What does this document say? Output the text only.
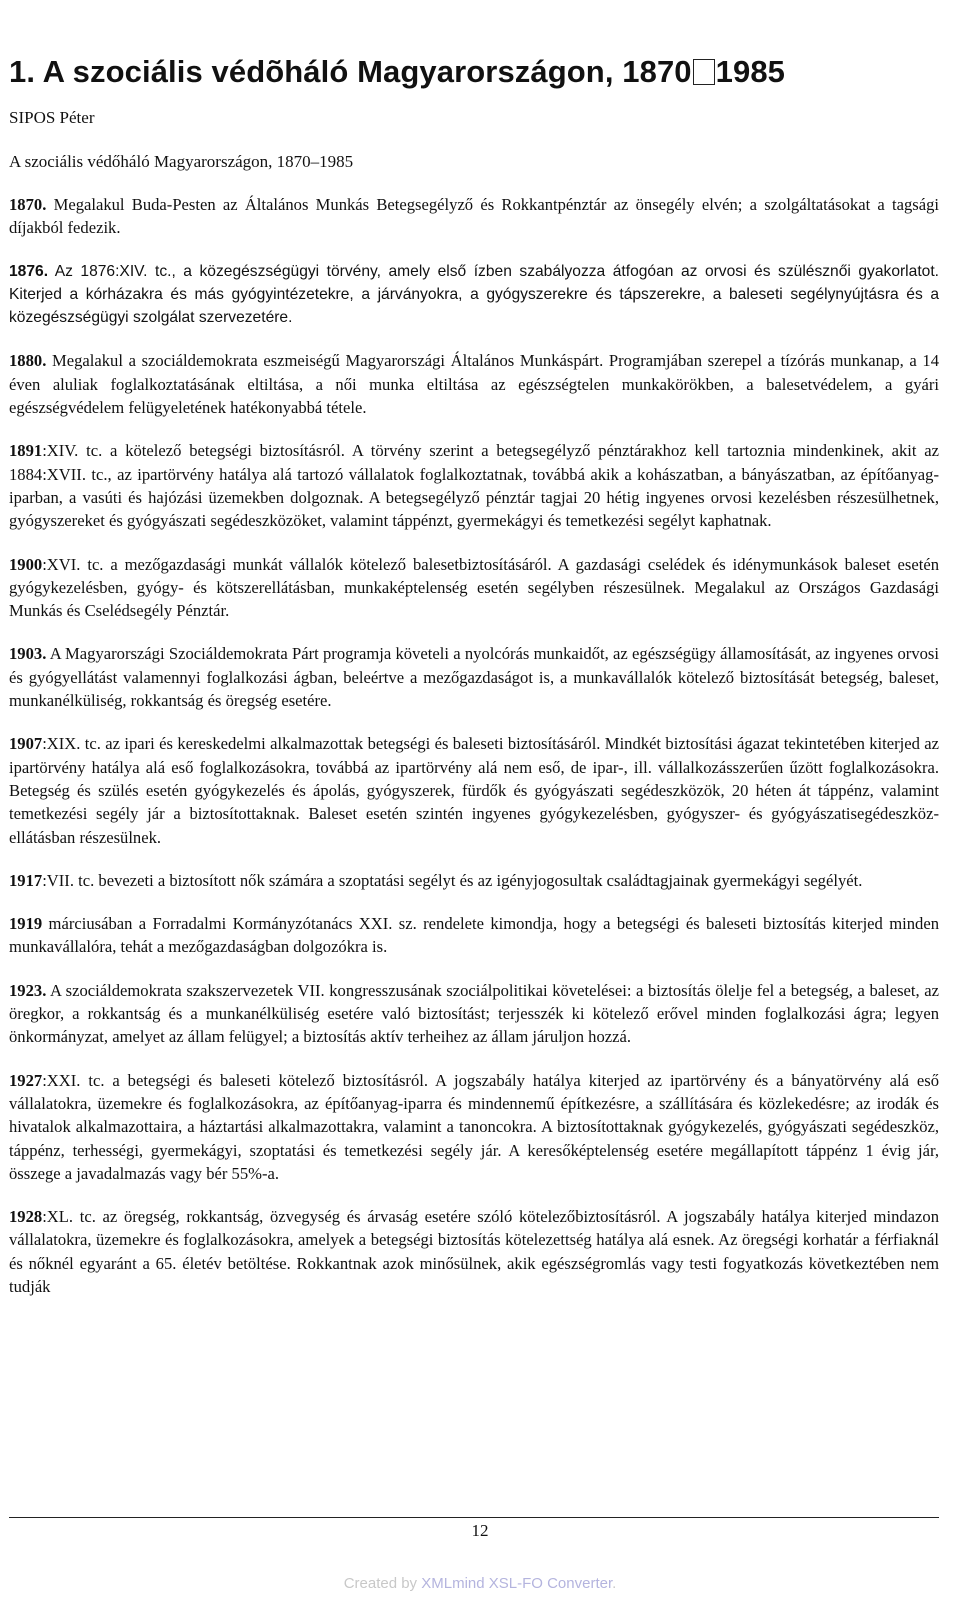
1. A szociális védõháló Magyarországon, 1870 1985

SIPOS Péter

A szociális védőháló Magyarországon, 1870–1985

1870. Megalakul Buda-Pesten az Általános Munkás Betegsegélyző és Rokkantpénztár az önsegély elvén; a szolgáltatásokat a tagsági díjakból fedezik.

1876. Az 1876:XIV. tc., a közegészségügyi törvény, amely első ízben szabályozza átfogóan az orvosi és szülésznői gyakorlatot. Kiterjed a kórházakra és más gyógyintézetekre, a járványokra, a gyógyszerekre és tápszerekre, a baleseti segélynyújtásra és a közegészségügyi szolgálat szervezetére.

1880. Megalakul a szociáldemokrata eszmeiségű Magyarországi Általános Munkáspárt. Programjában szerepel a tízórás munkanap, a 14 éven aluliak foglalkoztatásának eltiltása, a női munka eltiltása az egészségtelen munkakörökben, a balesetvédelem, a gyári egészségvédelem felügyeletének hatékonyabbá tétele.

1891:XIV. tc. a kötelező betegségi biztosításról. A törvény szerint a betegsegélyző pénztárakhoz kell tartoznia mindenkinek, akit az 1884:XVII. tc., az ipartörvény hatálya alá tartozó vállalatok foglalkoztatnak, továbbá akik a kohászatban, a bányászatban, az építőanyag-iparban, a vasúti és hajózási üzemekben dolgoznak. A betegsegélyző pénztár tagjai 20 hétig ingyenes orvosi kezelésben részesülhetnek, gyógyszereket és gyógyászati segédeszközöket, valamint táppénzt, gyermekágyi és temetkezési segélyt kaphatnak.

1900:XVI. tc. a mezőgazdasági munkát vállalók kötelező balesetbiztosításáról. A gazdasági cselédek és idénymunkások baleset esetén gyógykezelésben, gyógy- és kötszerellátásban, munkaképtelenség esetén segélyben részesülnek. Megalakul az Országos Gazdasági Munkás és Cselédsegély Pénztár.

1903. A Magyarországi Szociáldemokrata Párt programja követeli a nyolcórás munkaidőt, az egészségügy államosítását, az ingyenes orvosi és gyógyellátást valamennyi foglalkozási ágban, beleértve a mezőgazdaságot is, a munkavállalók kötelező biztosítását betegség, baleset, munkanélküliség, rokkantság és öregség esetére.

1907:XIX. tc. az ipari és kereskedelmi alkalmazottak betegségi és baleseti biztosításáról. Mindkét biztosítási ágazat tekintetében kiterjed az ipartörvény hatálya alá eső foglalkozásokra, továbbá az ipartörvény alá nem eső, de ipar-, ill. vállalkozásszerűen űzött foglalkozásokra. Betegség és szülés esetén gyógykezelés és ápolás, gyógyszerek, fürdők és gyógyászati segédeszközök, 20 héten át táppénz, valamint temetkezési segély jár a biztosítottaknak. Baleset esetén szintén ingyenes gyógykezelésben, gyógyszer- és gyógyászatisegédeszköz-ellátásban részesülnek.

1917:VII. tc. bevezeti a biztosított nők számára a szoptatási segélyt és az igényjogosultak családtagjainak gyermekágyi segélyét.

1919 márciusában a Forradalmi Kormányzótanács XXI. sz. rendelete kimondja, hogy a betegségi és baleseti biztosítás kiterjed minden munkavállalóra, tehát a mezőgazdaságban dolgozókra is.

1923. A szociáldemokrata szakszervezetek VII. kongresszusának szociálpolitikai követelései: a biztosítás ölelje fel a betegség, a baleset, az öregkor, a rokkantság és a munkanélküliség esetére való biztosítást; terjesszék ki kötelező erővel minden foglalkozási ágra; legyen önkormányzat, amelyet az állam felügyel; a biztosítás aktív terheihez az állam járuljon hozzá.

1927:XXI. tc. a betegségi és baleseti kötelező biztosításról. A jogszabály hatálya kiterjed az ipartörvény és a bányatörvény alá eső vállalatokra, üzemekre és foglalkozásokra, az építőanyag-iparra és mindennemű építkezésre, a szállítására és közlekedésre; az irodák és hivatalok alkalmazottaira, a háztartási alkalmazottakra, valamint a tanoncokra. A biztosítottaknak gyógykezelés, gyógyászati segédeszköz, táppénz, terhességi, gyermekágyi, szoptatási és temetkezési segély jár. A keresőképtelenség esetére megállapított táppénz 1 évig jár, összege a javadalmazás vagy bér 55%-a.

1928:XL. tc. az öregség, rokkantság, özvegység és árvaság esetére szóló kötelezőbiztosításról. A jogszabály hatálya kiterjed mindazon vállalatokra, üzemekre és foglalkozásokra, amelyek a betegségi biztosítás kötelezettség hatálya alá esnek. Az öregségi korhatár a férfiaknál és nőknél egyaránt a 65. életév betöltése. Rokkantnak azok minősülnek, akik egészségromlás vagy testi fogyatkozás következtében nem tudják

12
Created by XMLmind XSL-FO Converter.
